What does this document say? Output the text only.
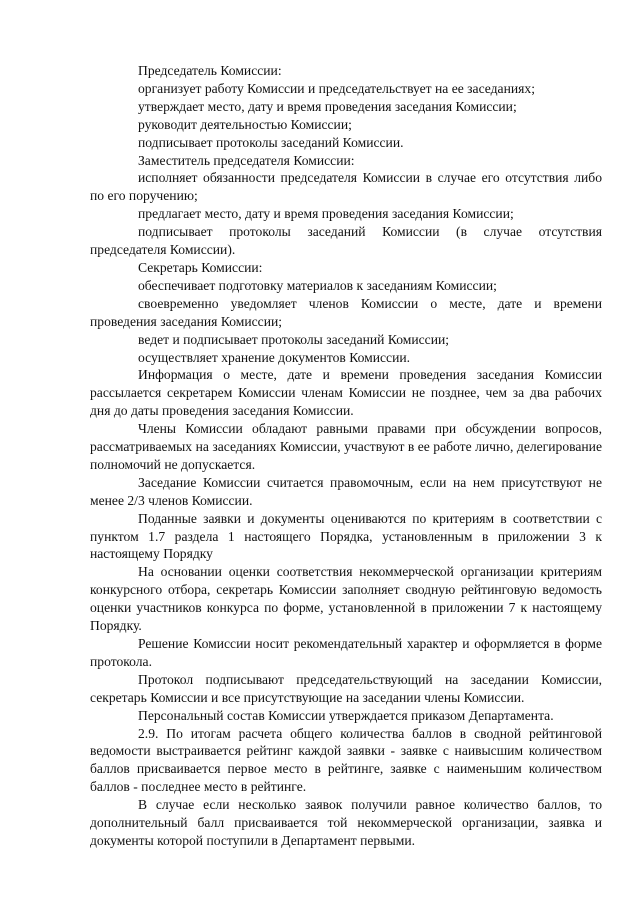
Председатель Комиссии:

организует работу Комиссии и председательствует на ее заседаниях;

утверждает место, дату и время проведения заседания Комиссии;

руководит деятельностью Комиссии;

подписывает протоколы заседаний Комиссии.

Заместитель председателя Комиссии:

исполняет обязанности председателя Комиссии в случае его отсутствия либо по его поручению;

предлагает место, дату и время проведения заседания Комиссии;

подписывает протоколы заседаний Комиссии (в случае отсутствия председателя Комиссии).

Секретарь Комиссии:

обеспечивает подготовку материалов к заседаниям Комиссии;

своевременно уведомляет членов Комиссии о месте, дате и времени проведения заседания Комиссии;

ведет и подписывает протоколы заседаний Комиссии;

осуществляет хранение документов Комиссии.

Информация о месте, дате и времени проведения заседания Комиссии рассылается секретарем Комиссии членам Комиссии не позднее, чем за два рабочих дня до даты проведения заседания Комиссии.

Члены Комиссии обладают равными правами при обсуждении вопросов, рассматриваемых на заседаниях Комиссии, участвуют в ее работе лично, делегирование полномочий не допускается.

Заседание Комиссии считается правомочным, если на нем присутствуют не менее 2/3 членов Комиссии.

Поданные заявки и документы оцениваются по критериям в соответствии с пунктом 1.7 раздела 1 настоящего Порядка, установленным в приложении 3 к настоящему Порядку

На основании оценки соответствия некоммерческой организации критериям конкурсного отбора, секретарь Комиссии заполняет сводную рейтинговую ведомость оценки участников конкурса по форме, установленной в приложении 7 к настоящему Порядку.

Решение Комиссии носит рекомендательный характер и оформляется в форме протокола.

Протокол подписывают председательствующий на заседании Комиссии, секретарь Комиссии и все присутствующие на заседании члены Комиссии.

Персональный состав Комиссии утверждается приказом Департамента.

2.9. По итогам расчета общего количества баллов в сводной рейтинговой ведомости выстраивается рейтинг каждой заявки - заявке с наивысшим количеством баллов присваивается первое место в рейтинге, заявке с наименьшим количеством баллов - последнее место в рейтинге.

В случае если несколько заявок получили равное количество баллов, то дополнительный балл присваивается той некоммерческой организации, заявка и документы которой поступили в Департамент первыми.
